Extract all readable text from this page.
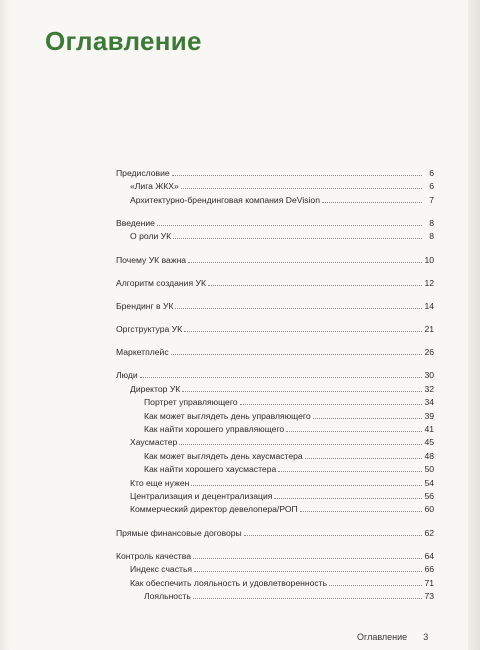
Оглавление
Предисловие	6
«Лига ЖКХ»	6
Архитектурно-брендинговая компания DeVision	7
Введение	8
О роли УК	8
Почему УК важна	10
Алгоритм создания УК	12
Брендинг в УК	14
Оргструктура УК	21
Маркетплейс	26
Люди	30
Директор УК	32
Портрет управляющего	34
Как может выглядеть день управляющего	39
Как найти хорошего управляющего	41
Хаусмастер	45
Как может выглядеть день хаусмастера	48
Как найти хорошего хаусмастера	50
Кто еще нужен	54
Централизация и децентрализация	56
Коммерческий директор девелопера/РОП	60
Прямые финансовые договоры	62
Контроль качества	64
Индекс счастья	66
Как обеспечить лояльность и удовлетворенность	71
Лояльность	73
Оглавление 3
